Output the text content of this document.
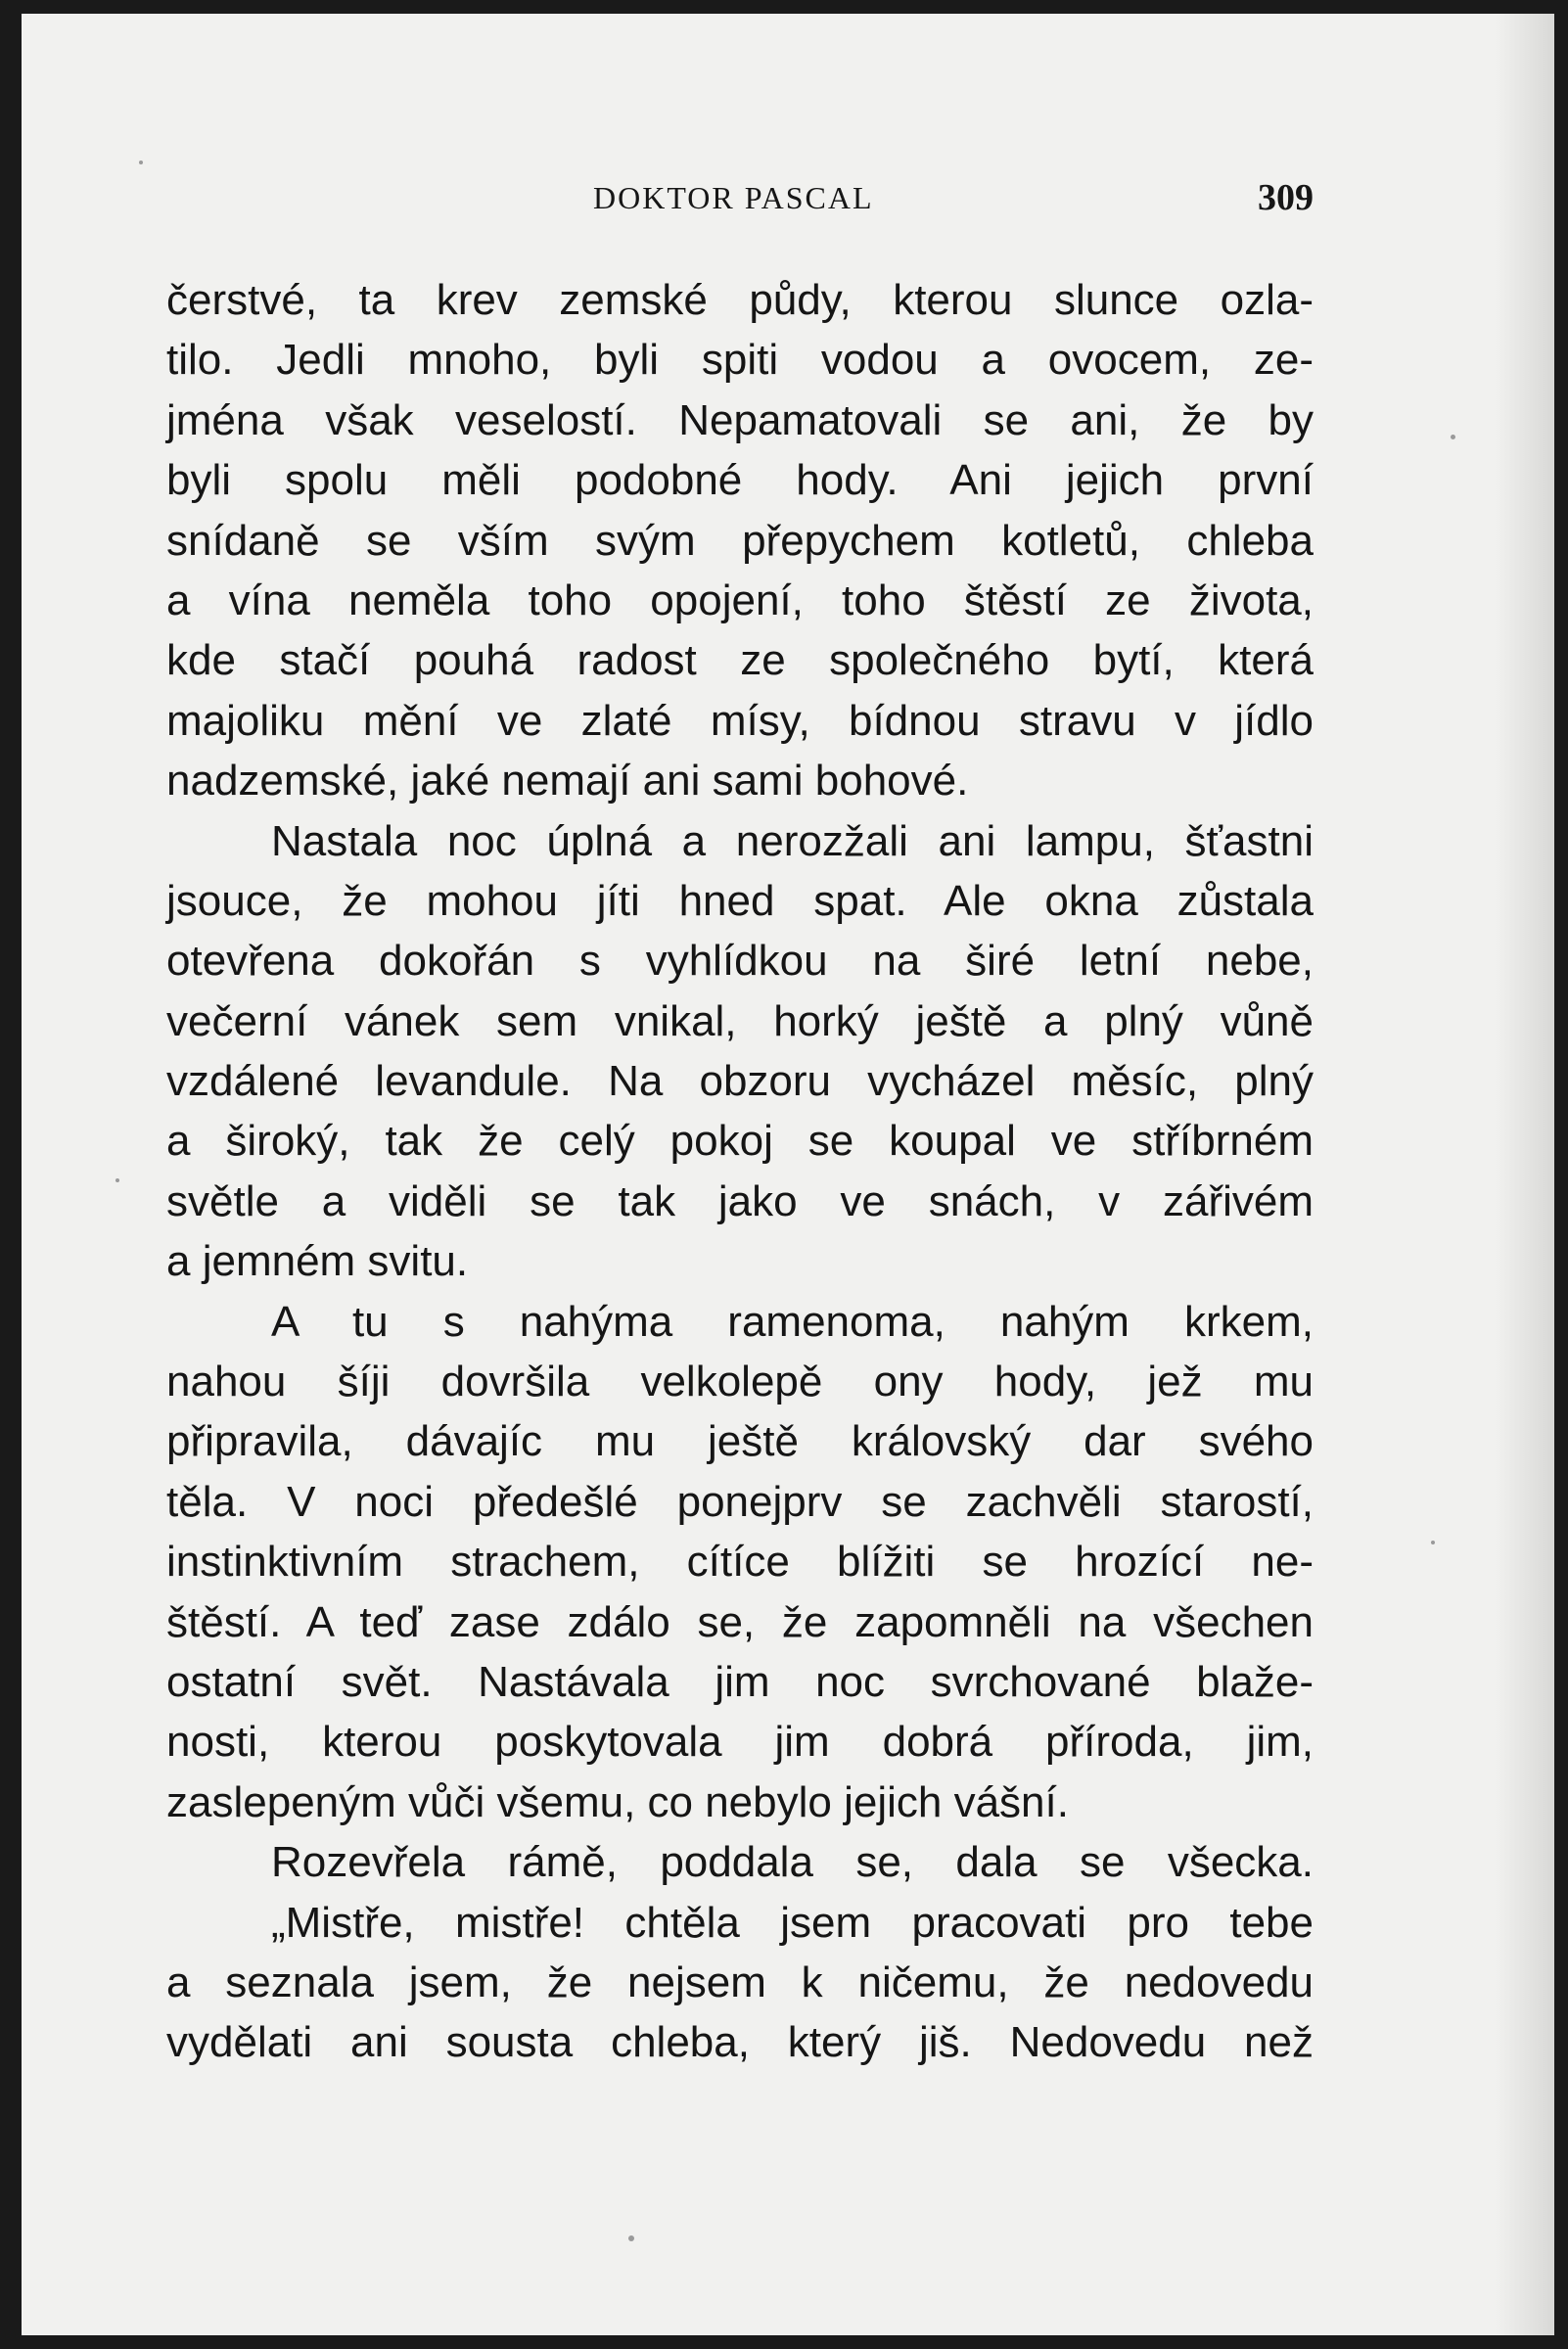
DOKTOR PASCAL	309
čerstvé, ta krev zemské půdy, kterou slunce ozla-
tilo. Jedli mnoho, byli spiti vodou a ovocem, ze-
jména však veselostí. Nepamatovali se ani, že by
byli spolu měli podobné hody. Ani jejich první
snídaně se vším svým přepychem kotletů, chleba
a vína neměla toho opojení, toho štěstí ze života,
kde stačí pouhá radost ze společného bytí, která
majoliku mění ve zlaté mísy, bídnou stravu v jídlo
nadzemské, jaké nemají ani sami bohové.
Nastala noc úplná a nerozžali ani lampu, šťastni
jsouce, že mohou jíti hned spat. Ale okna zůstala
otevřena dokořán s vyhlídkou na širé letní nebe,
večerní vánek sem vnikal, horký ještě a plný vůně
vzdálené levandule. Na obzoru vycházel měsíc, plný
a široký, tak že celý pokoj se koupal ve stříbrném
světle a viděli se tak jako ve snách, v zářivém
a jemném svitu.
A tu s nahýma ramenoma, nahým krkem,
nahou šíji dovršila velkolepě ony hody, jež mu
připravila, dávajíc mu ještě královský dar svého
těla. V noci předešlé ponejprv se zachvěli starostí,
instinktivním strachem, cítíce blížiti se hrozící ne-
štěstí. A teď zase zdálo se, že zapomněli na všechen
ostatní svět. Nastávala jim noc svrchované blaže-
nosti, kterou poskytovala jim dobrá příroda, jim,
zaslepeným vůči všemu, co nebylo jejich vášní.
Rozevřela rámě, poddala se, dala se všecka.
„Mistře, mistře! chtěla jsem pracovati pro tebe
a seznala jsem, že nejsem k ničemu, že nedovedu
vydělati ani sousta chleba, který jiš. Nedovedu než
